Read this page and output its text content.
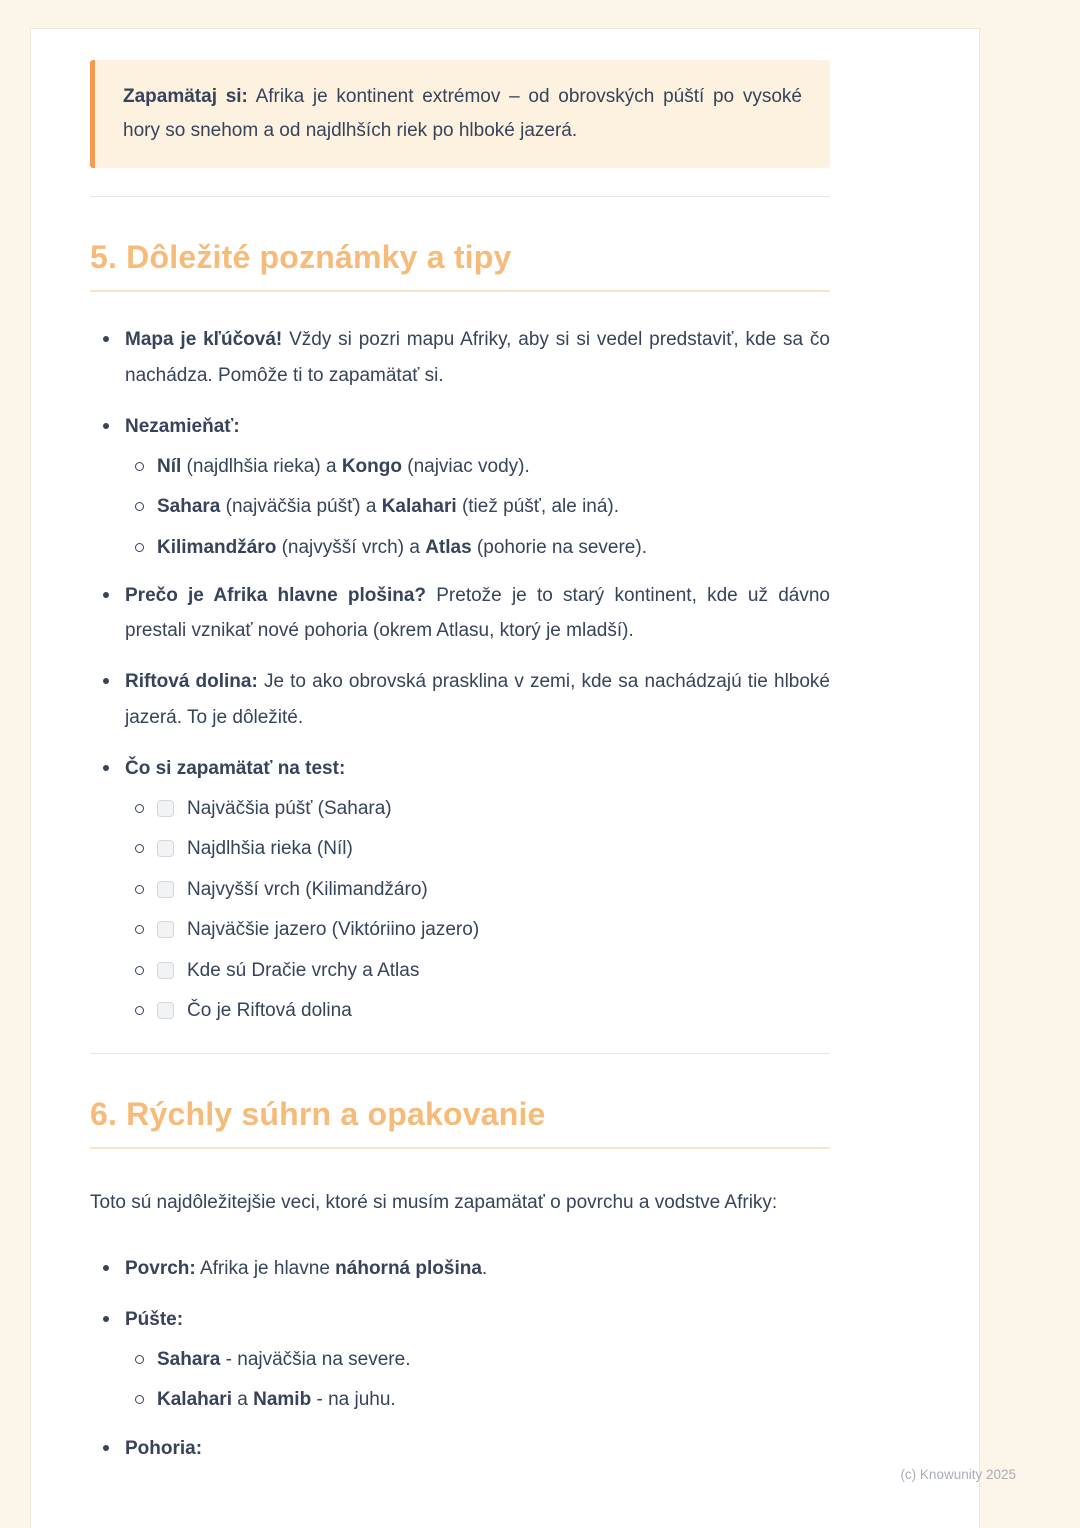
Zapamätaj si: Afrika je kontinent extrémov – od obrovských púští po vysoké hory so snehom a od najdlhších riek po hlboké jazerá.

5. Dôležité poznámky a tipy
Mapa je kľúčová! Vždy si pozri mapu Afriky, aby si si vedel predstaviť, kde sa čo nachádza. Pomôže ti to zapamätať si.
Nezamieňať:
Níl (najdlhšia rieka) a Kongo (najviac vody).
Sahara (najväčšia púšť) a Kalahari (tiež púšť, ale iná).
Kilimandžáro (najvyšší vrch) a Atlas (pohorie na severe).
Prečo je Afrika hlavne plošina? Pretože je to starý kontinent, kde už dávno prestali vznikať nové pohoria (okrem Atlasu, ktorý je mladší).
Riftová dolina: Je to ako obrovská prasklina v zemi, kde sa nachádzajú tie hlboké jazerá. To je dôležité.
Čo si zapamätať na test:
Najväčšia púšť (Sahara)
Najdlhšia rieka (Níl)
Najvyšší vrch (Kilimandžáro)
Najväčšie jazero (Viktóriino jazero)
Kde sú Dračie vrchy a Atlas
Čo je Riftová dolina
6. Rýchly súhrn a opakovanie

Toto sú najdôležitejšie veci, ktoré si musím zapamätať o povrchu a vodstve Afriky:

Povrch: Afrika je hlavne náhorná plošina.
Púšte:
Sahara - najväčšia na severe.
Kalahari a Namib - na juhu.
Pohoria:
(c) Knowunity 2025
